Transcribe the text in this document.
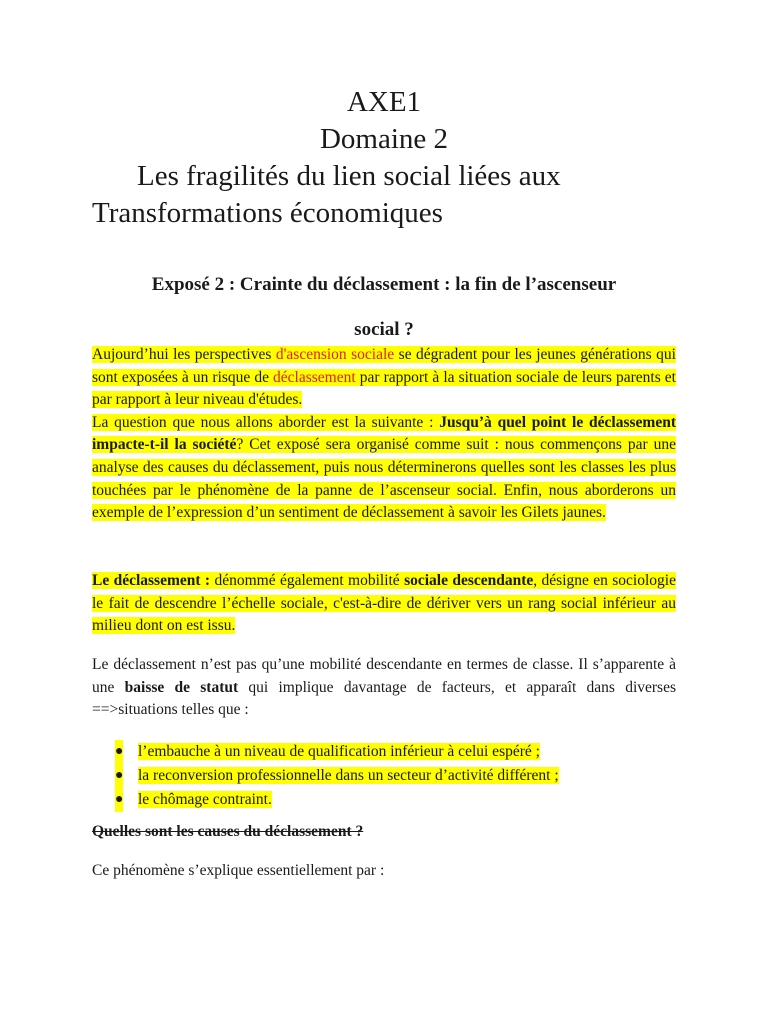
AXE1
Domaine 2
Les fragilités du lien social liées aux
Transformations économiques
Exposé 2 : Crainte du déclassement : la fin de l’ascenseur
social ?
Aujourd’hui les perspectives d'ascension sociale se dégradent pour les jeunes générations qui sont exposées à un risque de déclassement par rapport à la situation sociale de leurs parents et par rapport à leur niveau d'études.
La question que nous allons aborder est la suivante : Jusqu’à quel point le déclassement impacte-t-il la société? Cet exposé sera organisé comme suit : nous commençons par une analyse des causes du déclassement, puis nous déterminerons quelles sont les classes les plus touchées par le phénomène de la panne de l’ascenseur social. Enfin, nous aborderons un exemple de l’expression d’un sentiment de déclassement à savoir les Gilets jaunes.
Le déclassement : dénommé également mobilité sociale descendante, désigne en sociologie le fait de descendre l’échelle sociale, c'est-à-dire de dériver vers un rang social inférieur au milieu dont on est issu.
Le déclassement n’est pas qu’une mobilité descendante en termes de classe. Il s’apparente à une baisse de statut qui implique davantage de facteurs, et apparaît dans diverses ==>situations telles que :
● l’embauche à un niveau de qualification inférieur à celui espéré ;
● la reconversion professionnelle dans un secteur d’activité différent ;
● le chômage contraint.
Quelles sont les causes du déclassement ?
Ce phénomène s’explique essentiellement par :
